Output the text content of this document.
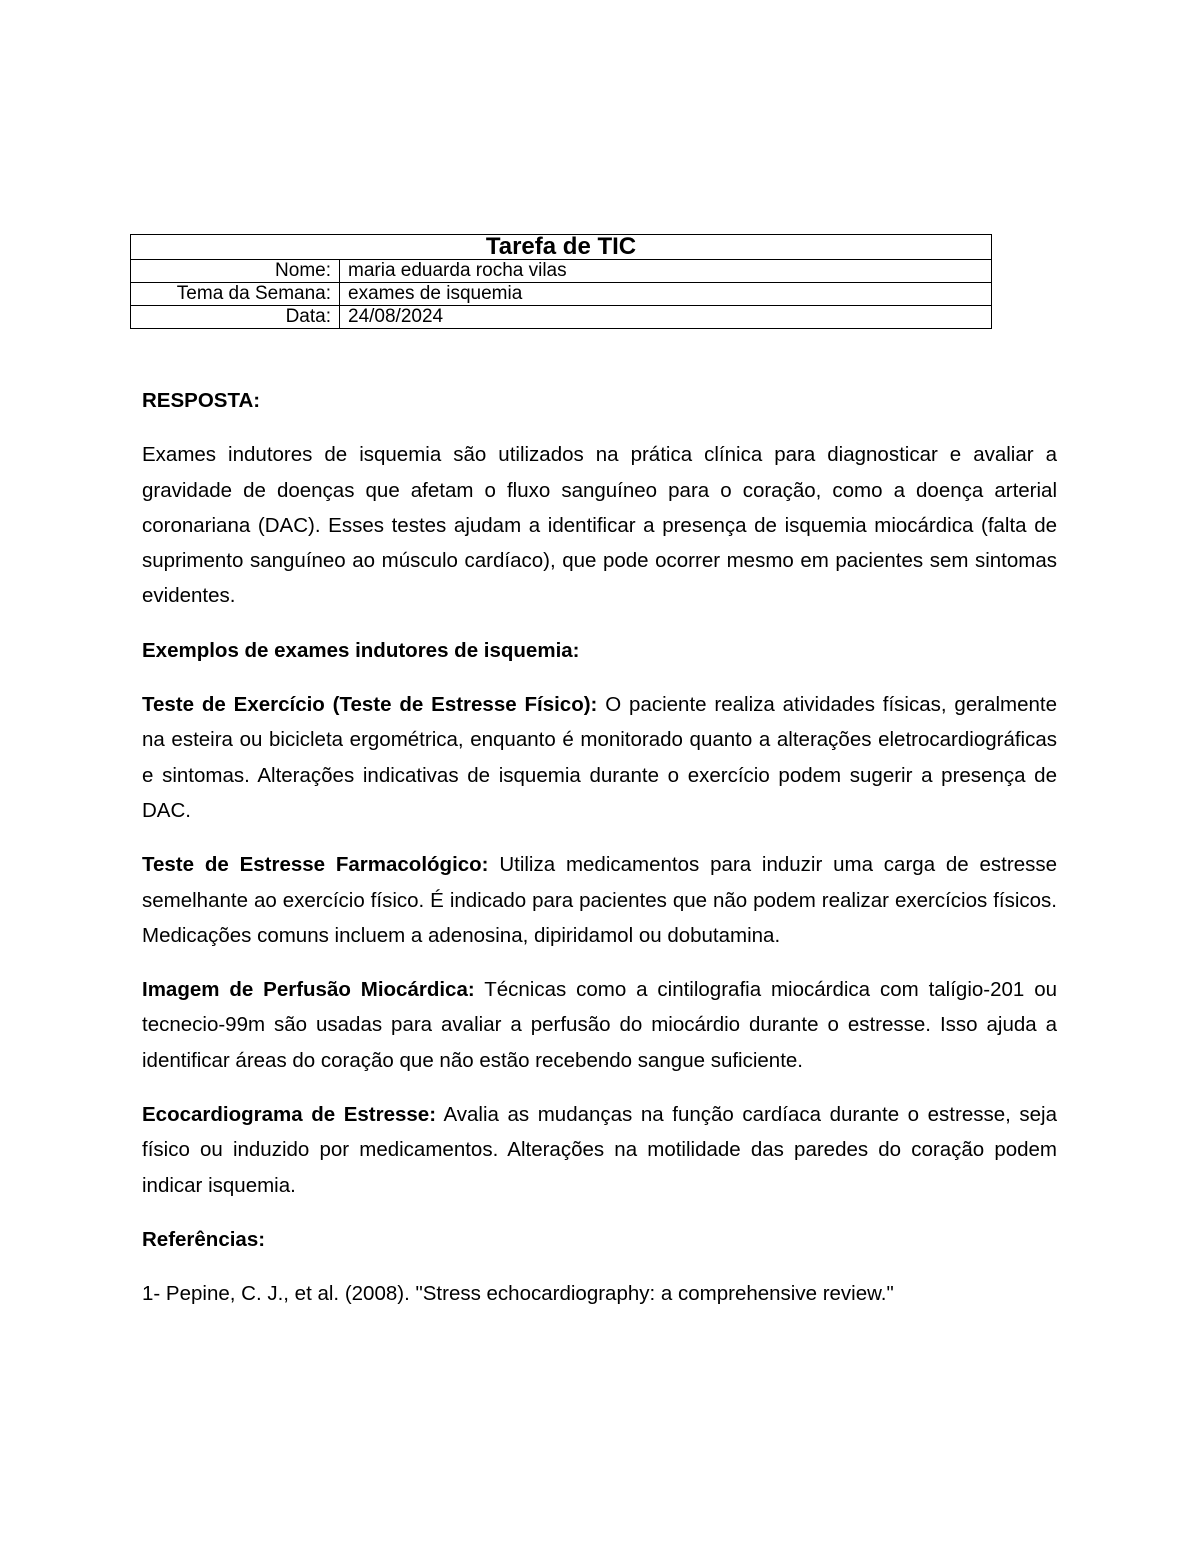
Tarefa de TIC	
Nome:	maria eduarda rocha vilas
Tema da Semana:	exames de isquemia
Data:	24/08/2024

RESPOSTA:

Exames indutores de isquemia são utilizados na prática clínica para diagnosticar e avaliar a gravidade de doenças que afetam o fluxo sanguíneo para o coração, como a doença arterial coronariana (DAC). Esses testes ajudam a identificar a presença de isquemia miocárdica (falta de suprimento sanguíneo ao músculo cardíaco), que pode ocorrer mesmo em pacientes sem sintomas evidentes.

Exemplos de exames indutores de isquemia:

Teste de Exercício (Teste de Estresse Físico): O paciente realiza atividades físicas, geralmente na esteira ou bicicleta ergométrica, enquanto é monitorado quanto a alterações eletrocardiográficas e sintomas. Alterações indicativas de isquemia durante o exercício podem sugerir a presença de DAC.

Teste de Estresse Farmacológico: Utiliza medicamentos para induzir uma carga de estresse semelhante ao exercício físico. É indicado para pacientes que não podem realizar exercícios físicos. Medicações comuns incluem a adenosina, dipiridamol ou dobutamina.

Imagem de Perfusão Miocárdica: Técnicas como a cintilografia miocárdica com talígio-201 ou tecnecio-99m são usadas para avaliar a perfusão do miocárdio durante o estresse. Isso ajuda a identificar áreas do coração que não estão recebendo sangue suficiente.

Ecocardiograma de Estresse: Avalia as mudanças na função cardíaca durante o estresse, seja físico ou induzido por medicamentos. Alterações na motilidade das paredes do coração podem indicar isquemia.

Referências:

1- Pepine, C. J., et al. (2008). "Stress echocardiography: a comprehensive review."
